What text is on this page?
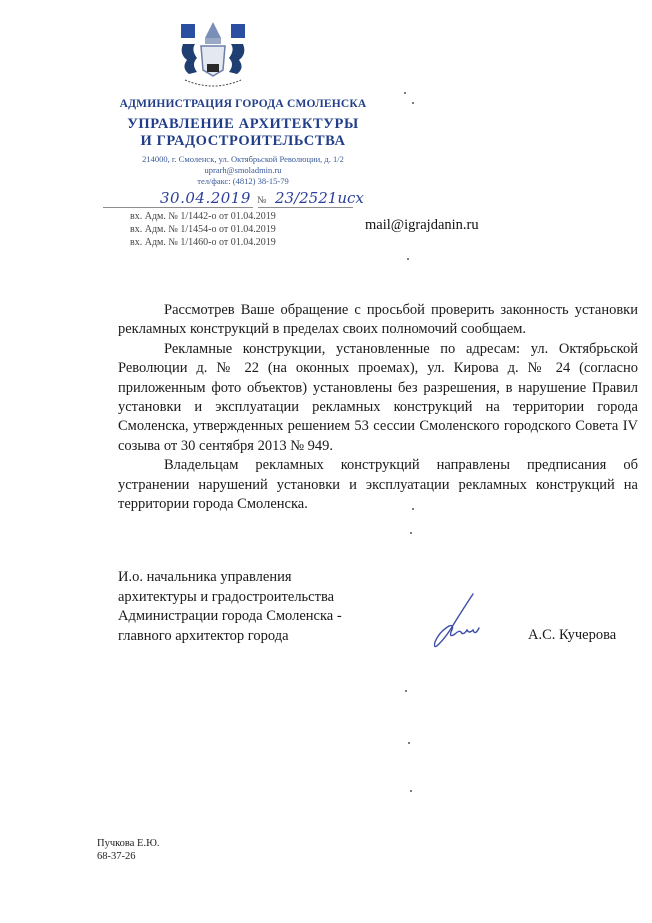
АДМИНИСТРАЦИЯ ГОРОДА СМОЛЕНСКА
УПРАВЛЕНИЕ АРХИТЕКТУРЫ
И ГРАДОСТРОИТЕЛЬСТВА
214000, г. Смоленск, ул. Октябрьской Революции, д. 1/2
uprarh@smoladmin.ru
тел/факс: (4812) 38-15-79
30.04.2019 № 23/2521исх
вх. Адм. № 1/1442-о от 01.04.2019
вх. Адм. № 1/1454-о от 01.04.2019
вх. Адм. № 1/1460-о от 01.04.2019
mail@igrajdanin.ru

Рассмотрев Ваше обращение с просьбой проверить законность установки рекламных конструкций в пределах своих полномочий сообщаем.

Рекламные конструкции, установленные по адресам: ул. Октябрьской Революции д. № 22 (на оконных проемах), ул. Кирова д. № 24 (согласно приложенным фото объектов) установлены без разрешения, в нарушение Правил установки и эксплуатации рекламных конструкций на территории города Смоленска, утвержденных решением 53 сессии Смоленского городского Совета IV созыва от 30 сентября 2013 № 949.

Владельцам рекламных конструкций направлены предписания об устранении нарушений установки и эксплуатации рекламных конструкций на территории города Смоленска.

И.о. начальника управления
архитектуры и градостроительства
Администрации города Смоленска -
главного архитектор города	А.С. Кучерова
Пучкова Е.Ю.
68-37-26
